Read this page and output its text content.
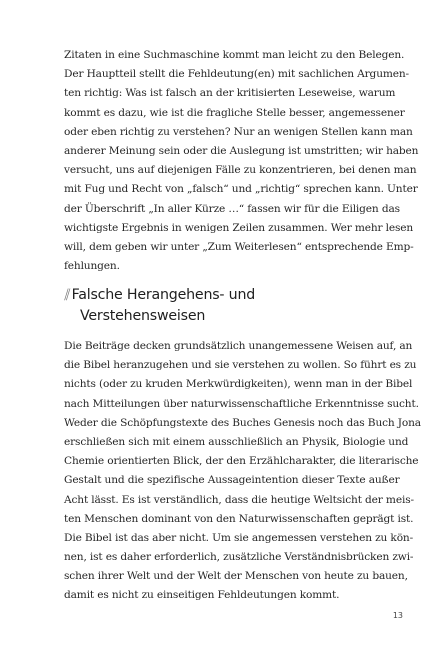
Zitaten in eine Suchmaschine kommt man leicht zu den Belegen.
Der Hauptteil stellt die Fehldeutung(en) mit sachlichen Argumen-
ten richtig: Was ist falsch an der kritisierten Leseweise, warum
kommt es dazu, wie ist die fragliche Stelle besser, angemessener
oder eben richtig zu verstehen? Nur an wenigen Stellen kann man
anderer Meinung sein oder die Auslegung ist umstritten; wir haben
versucht, uns auf diejenigen Fälle zu konzentrieren, bei denen man
mit Fug und Recht von „falsch“ und „richtig“ sprechen kann. Unter
der Überschrift „In aller Kürze …“ fassen wir für die Eiligen das
wichtigste Ergebnis in wenigen Zeilen zusammen. Wer mehr lesen
will, dem geben wir unter „Zum Weiterlesen“ entsprechende Emp-
fehlungen.
// Falsche Herangehens- und
Verstehensweisen
Die Beiträge decken grundsätzlich unangemessene Weisen auf, an
die Bibel heranzugehen und sie verstehen zu wollen. So führt es zu
nichts (oder zu kruden Merkwürdigkeiten), wenn man in der Bibel
nach Mitteilungen über naturwissenschaftliche Erkenntnisse sucht.
Weder die Schöpfungstexte des Buches Genesis noch das Buch Jona
erschließen sich mit einem ausschließlich an Physik, Biologie und
Chemie orientierten Blick, der den Erzählcharakter, die literarische
Gestalt und die spezifische Aussageintention dieser Texte außer
Acht lässt. Es ist verständlich, dass die heutige Weltsicht der meis-
ten Menschen dominant von den Naturwissenschaften geprägt ist.
Die Bibel ist das aber nicht. Um sie angemessen verstehen zu kön-
nen, ist es daher erforderlich, zusätzliche Verständnisbrücken zwi-
schen ihrer Welt und der Welt der Menschen von heute zu bauen,
damit es nicht zu einseitigen Fehldeutungen kommt.
13
